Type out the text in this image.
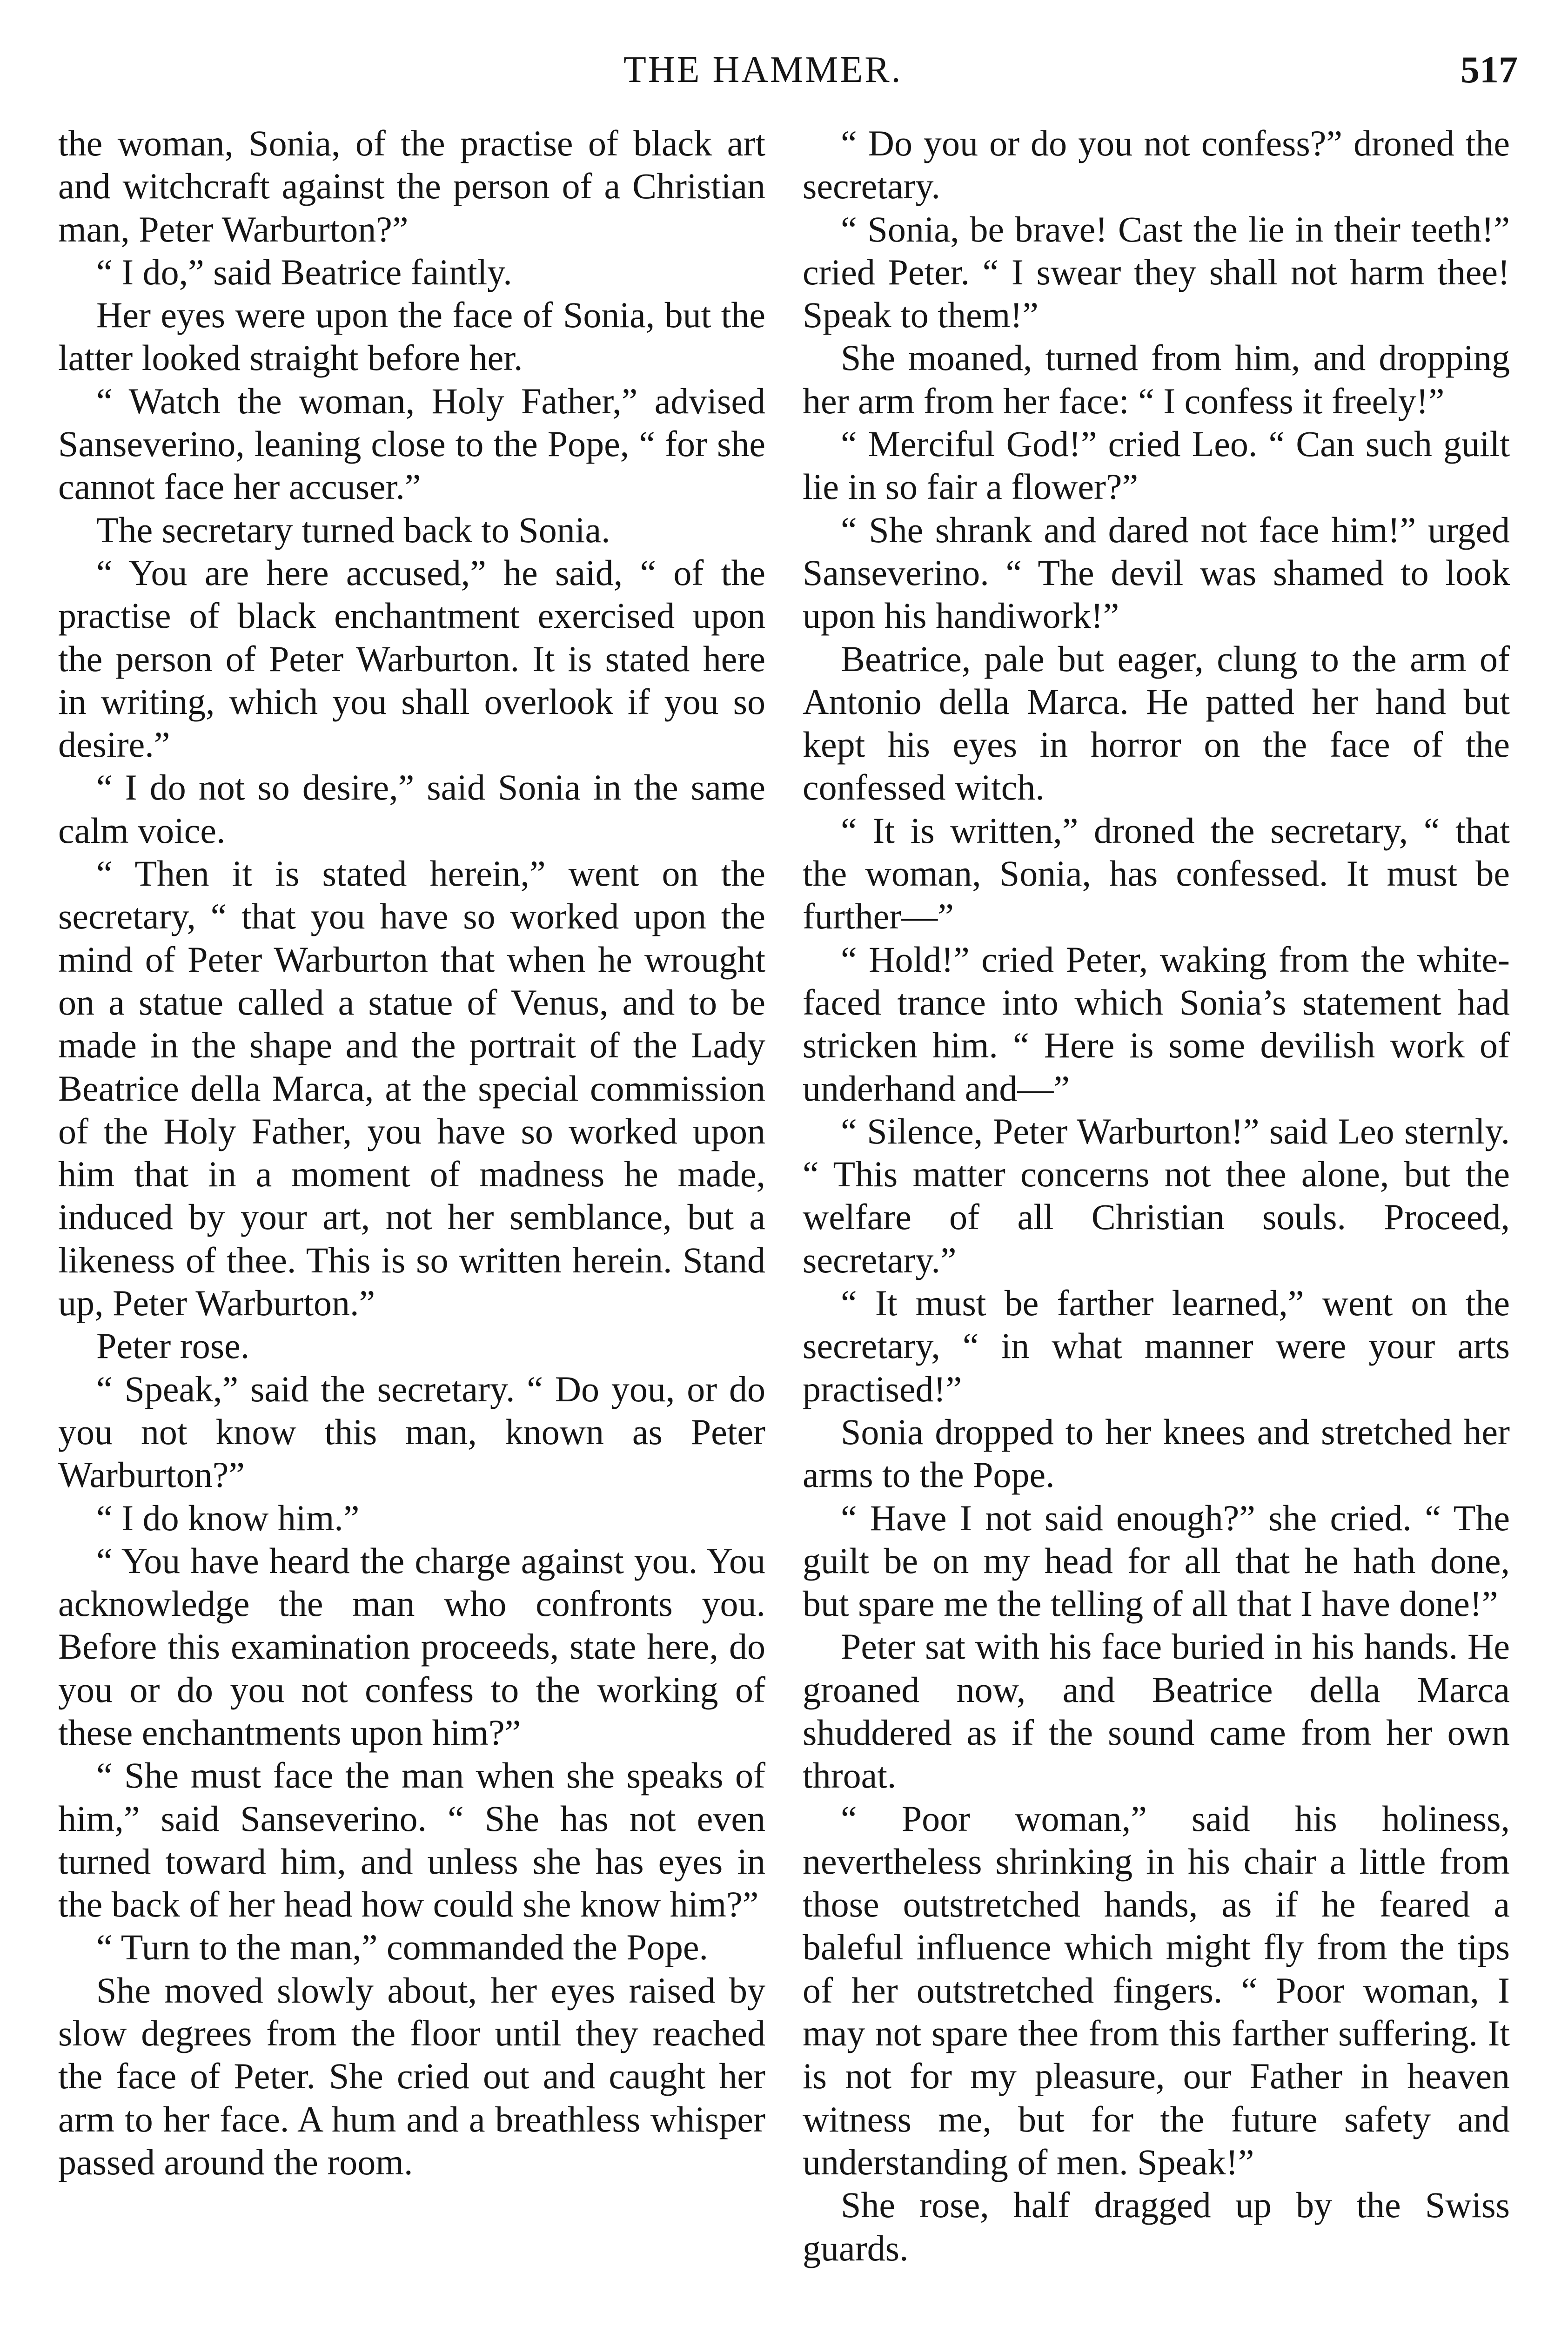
THE HAMMER.	517

the woman, Sonia, of the practise of black art and witchcraft against the person of a Christian man, Peter Warburton?”

“ I do,” said Beatrice faintly.

Her eyes were upon the face of Sonia, but the latter looked straight before her.

“ Watch the woman, Holy Father,” advised Sanseverino, leaning close to the Pope, “ for she cannot face her accuser.”

The secretary turned back to Sonia.

“ You are here accused,” he said, “ of the practise of black enchantment exercised upon the person of Peter Warburton. It is stated here in writing, which you shall overlook if you so desire.”

“ I do not so desire,” said Sonia in the same calm voice.

“ Then it is stated herein,” went on the secretary, “ that you have so worked upon the mind of Peter Warburton that when he wrought on a statue called a statue of Venus, and to be made in the shape and the portrait of the Lady Beatrice della Marca, at the special commission of the Holy Father, you have so worked upon him that in a moment of madness he made, induced by your art, not her semblance, but a likeness of thee. This is so written herein. Stand up, Peter Warburton.”

Peter rose.

“ Speak,” said the secretary. “ Do you, or do you not know this man, known as Peter Warburton?”

“ I do know him.”

“ You have heard the charge against you. You acknowledge the man who confronts you. Before this examination proceeds, state here, do you or do you not confess to the working of these enchantments upon him?”

“ She must face the man when she speaks of him,” said Sanseverino. “ She has not even turned toward him, and unless she has eyes in the back of her head how could she know him?”

“ Turn to the man,” commanded the Pope.

She moved slowly about, her eyes raised by slow degrees from the floor until they reached the face of Peter. She cried out and caught her arm to her face. A hum and a breathless whisper passed around the room.

“ Do you or do you not confess?” droned the secretary.

“ Sonia, be brave! Cast the lie in their teeth!” cried Peter. “ I swear they shall not harm thee! Speak to them!”

She moaned, turned from him, and dropping her arm from her face: “ I confess it freely!”

“ Merciful God!” cried Leo. “ Can such guilt lie in so fair a flower?”

“ She shrank and dared not face him!” urged Sanseverino. “ The devil was shamed to look upon his handiwork!”

Beatrice, pale but eager, clung to the arm of Antonio della Marca. He patted her hand but kept his eyes in horror on the face of the confessed witch.

“ It is written,” droned the secretary, “ that the woman, Sonia, has confessed. It must be further—”

“ Hold!” cried Peter, waking from the white-faced trance into which Sonia’s statement had stricken him. “ Here is some devilish work of underhand and—”

“ Silence, Peter Warburton!” said Leo sternly. “ This matter concerns not thee alone, but the welfare of all Christian souls. Proceed, secretary.”

“ It must be farther learned,” went on the secretary, “ in what manner were your arts practised!”

Sonia dropped to her knees and stretched her arms to the Pope.

“ Have I not said enough?” she cried. “ The guilt be on my head for all that he hath done, but spare me the telling of all that I have done!”

Peter sat with his face buried in his hands. He groaned now, and Beatrice della Marca shuddered as if the sound came from her own throat.

“ Poor woman,” said his holiness, nevertheless shrinking in his chair a little from those outstretched hands, as if he feared a baleful influence which might fly from the tips of her outstretched fingers. “ Poor woman, I may not spare thee from this farther suffering. It is not for my pleasure, our Father in heaven witness me, but for the future safety and understanding of men. Speak!”

She rose, half dragged up by the Swiss guards.
